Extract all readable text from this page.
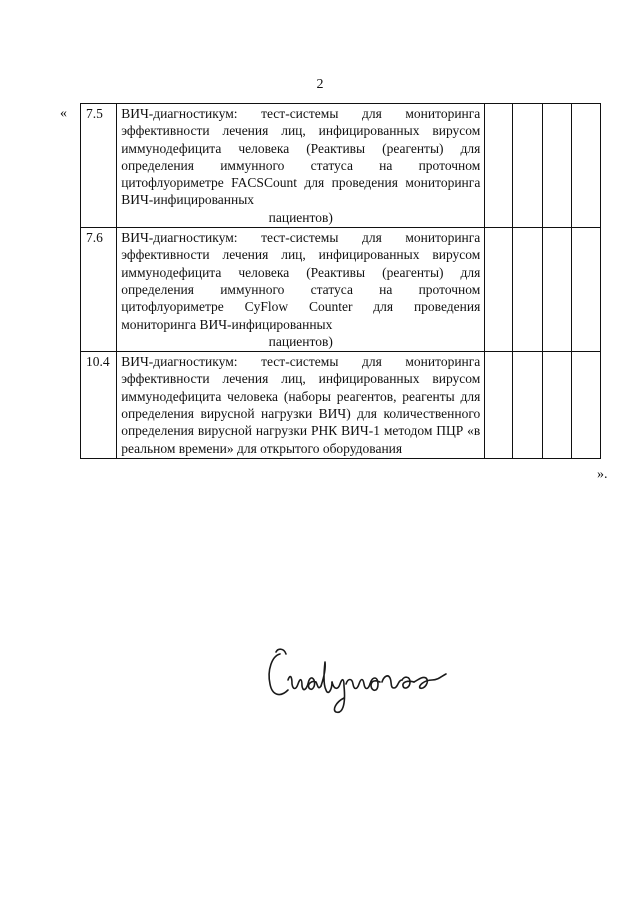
2
« 7.5	ВИЧ-диагностикум: тест-системы для мониторинга эффективности лечения лиц, инфицированных вирусом иммунодефицита человека (Реактивы (реагенты) для определения иммунного статуса на проточном цитофлуориметре FACSCount для проведения мониторинга ВИЧ-инфицированных
пациентов)				

7.6	ВИЧ-диагностикум: тест-системы для мониторинга эффективности лечения лиц, инфицированных вирусом иммунодефицита человека (Реактивы (реагенты) для определения иммунного статуса на проточном цитофлуориметре CyFlow Counter для проведения мониторинга ВИЧ-инфицированных
пациентов)				

10.4	ВИЧ-диагностикум: тест-системы для мониторинга эффективности лечения лиц, инфицированных вирусом иммунодефицита человека (наборы реагентов, реагенты для определения вирусной нагрузки ВИЧ) для количественного определения вирусной нагрузки РНК ВИЧ-1 методом ПЦР «в реальном времени» для открытого оборудования				
».
